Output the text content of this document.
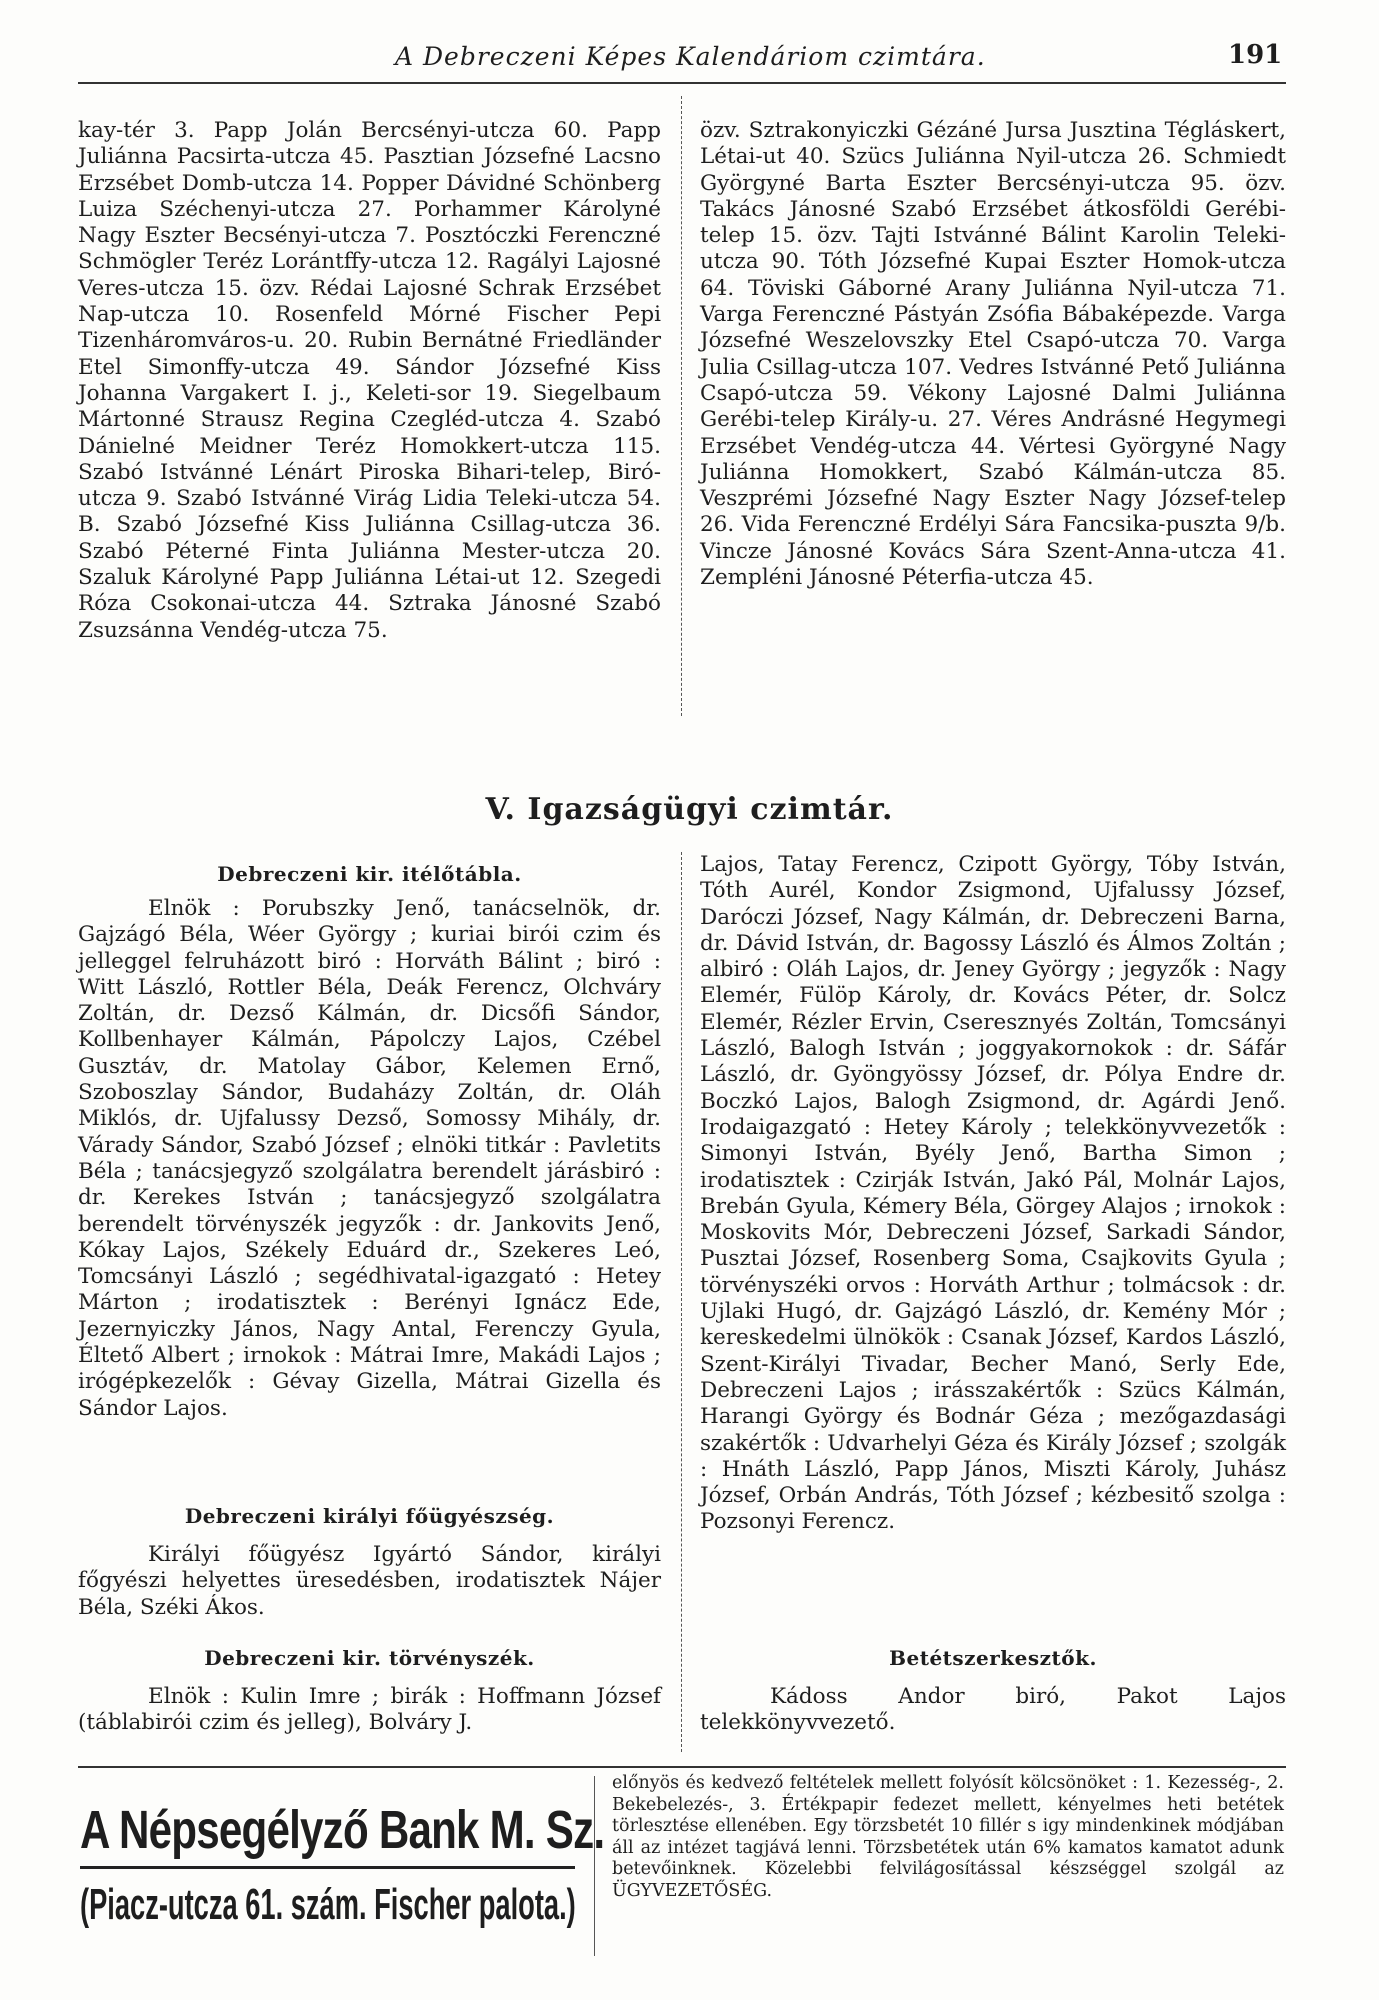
A Debreczeni Képes Kalendáriom czimtára.	191
kay-tér 3. Papp Jolán Bercsényi-utcza 60. Papp Juliánna Pacsirta-utcza 45. Pasztian Józsefné Lacsno Erzsébet Domb-utcza 14. Popper Dávidné Schönberg Luiza Széchenyi-utcza 27. Porhammer Károlyné Nagy Eszter Becsényi-utcza 7. Posztóczki Ferenczné Schmögler Teréz Lorántffy-utcza 12. Ragályi Lajosné Veres-utcza 15. özv. Rédai Lajosné Schrak Erzsébet Nap-utcza 10. Rosenfeld Mórné Fischer Pepi Tizenháromváros-u. 20. Rubin Bernátné Friedländer Etel Simonffy-utcza 49. Sándor Józsefné Kiss Johanna Vargakert I. j., Keleti-sor 19. Siegelbaum Mártonné Strausz Regina Czegléd-utcza 4. Szabó Dánielné Meidner Teréz Homokkert-utcza 115. Szabó Istvánné Lénárt Piroska Bihari-telep, Biró-utcza 9. Szabó Istvánné Virág Lidia Teleki-utcza 54. B. Szabó Józsefné Kiss Juliánna Csillag-utcza 36. Szabó Péterné Finta Juliánna Mester-utcza 20. Szaluk Károlyné Papp Juliánna Létai-ut 12. Szegedi Róza Csokonai-utcza 44. Sztraka Jánosné Szabó Zsuzsánna Vendég-utcza 75.
özv. Sztrakonyiczki Gézáné Jursa Jusztina Tégláskert, Létai-ut 40. Szücs Juliánna Nyil-utcza 26. Schmiedt Györgyné Barta Eszter Bercsényi-utcza 95. özv. Takács Jánosné Szabó Erzsébet átkosföldi Gerébi-telep 15. özv. Tajti Istvánné Bálint Karolin Teleki-utcza 90. Tóth Józsefné Kupai Eszter Homok-utcza 64. Töviski Gáborné Arany Juliánna Nyil-utcza 71. Varga Ferenczné Pástyán Zsófia Bábaképezde. Varga Józsefné Weszelovszky Etel Csapó-utcza 70. Varga Julia Csillag-utcza 107. Vedres Istvánné Pető Juliánna Csapó-utcza 59. Vékony Lajosné Dalmi Juliánna Gerébi-telep Király-u. 27. Véres Andrásné Hegymegi Erzsébet Vendég-utcza 44. Vértesi Györgyné Nagy Juliánna Homokkert, Szabó Kálmán-utcza 85. Veszprémi Józsefné Nagy Eszter Nagy József-telep 26. Vida Ferenczné Erdélyi Sára Fancsika-puszta 9/b. Vincze Jánosné Kovács Sára Szent-Anna-utcza 41. Zempléni Jánosné Péterfia-utcza 45.
V. Igazságügyi czimtár.
Debreczeni kir. itélőtábla.
Elnök : Porubszky Jenő, tanácselnök, dr. Gajzágó Béla, Wéer György ; kuriai birói czim és jelleggel felruházott biró : Horváth Bálint ; biró : Witt László, Rottler Béla, Deák Ferencz, Olchváry Zoltán, dr. Dezső Kálmán, dr. Dicsőfi Sándor, Kollbenhayer Kálmán, Pápolczy Lajos, Czébel Gusztáv, dr. Matolay Gábor, Kelemen Ernő, Szoboszlay Sándor, Budaházy Zoltán, dr. Oláh Miklós, dr. Ujfalussy Dezső, Somossy Mihály, dr. Várady Sándor, Szabó József ; elnöki titkár : Pavletits Béla ; tanácsjegyző szolgálatra berendelt járásbiró : dr. Kerekes István ; tanácsjegyző szolgálatra berendelt törvényszék jegyzők : dr. Jankovits Jenő, Kókay Lajos, Székely Eduárd dr., Szekeres Leó, Tomcsányi László ; segédhivatal-igazgató : Hetey Márton ; irodatisztek : Berényi Ignácz Ede, Jezernyiczky János, Nagy Antal, Ferenczy Gyula, Éltető Albert ; irnokok : Mátrai Imre, Makádi Lajos ; irógépkezelők : Gévay Gizella, Mátrai Gizella és Sándor Lajos.
Debreczeni királyi főügyészség.
Királyi főügyész Igyártó Sándor, királyi főgyészi helyettes üresedésben, irodatisztek Nájer Béla, Széki Ákos.
Debreczeni kir. törvényszék.
Elnök : Kulin Imre ; birák : Hoffmann József (táblabirói czim és jelleg), Bolváry J.
Lajos, Tatay Ferencz, Czipott György, Tóby István, Tóth Aurél, Kondor Zsigmond, Ujfalussy József, Daróczi József, Nagy Kálmán, dr. Debreczeni Barna, dr. Dávid István, dr. Bagossy László és Álmos Zoltán ; albiró : Oláh Lajos, dr. Jeney György ; jegyzők : Nagy Elemér, Fülöp Károly, dr. Kovács Péter, dr. Solcz Elemér, Rézler Ervin, Cseresznyés Zoltán, Tomcsányi László, Balogh István ; joggyakornokok : dr. Sáfár László, dr. Gyöngyössy József, dr. Pólya Endre dr. Boczkó Lajos, Balogh Zsigmond, dr. Agárdi Jenő. Irodaigazgató : Hetey Károly ; telekkönyvvezetők : Simonyi István, Byély Jenő, Bartha Simon ; irodatisztek : Czirják István, Jakó Pál, Molnár Lajos, Brebán Gyula, Kémery Béla, Görgey Alajos ; irnokok : Moskovits Mór, Debreczeni József, Sarkadi Sándor, Pusztai József, Rosenberg Soma, Csajkovits Gyula ; törvényszéki orvos : Horváth Arthur ; tolmácsok : dr. Ujlaki Hugó, dr. Gajzágó László, dr. Kemény Mór ; kereskedelmi ülnökök : Csanak József, Kardos László, Szent-Királyi Tivadar, Becher Manó, Serly Ede, Debreczeni Lajos ; irásszakértők : Szücs Kálmán, Harangi György és Bodnár Géza ; mezőgazdasági szakértők : Udvarhelyi Géza és Király József ; szolgák : Hnáth László, Papp János, Miszti Károly, Juhász József, Orbán András, Tóth József ; kézbesitő szolga : Pozsonyi Ferencz.
Betétszerkesztők.
Kádoss Andor biró, Pakot Lajos telekkönyvvezető.
A Népsegélyző Bank M. Sz.
(Piacz-utcza 61. szám. Fischer palota.)
előnyös és kedvező feltételek mellett folyósít kölcsönöket : 1. Kezesség-, 2. Bekebelezés-, 3. Értékpapir fedezet mellett, kényelmes heti betétek törlesztése ellenében. Egy törzsbetét 10 fillér s igy mindenkinek módjában áll az intézet tagjává lenni. Törzsbetétek után 6% kamatos kamatot adunk betevőinknek. Közelebbi felvilágosítással készséggel szolgál az ÜGYVEZETŐSÉG.
